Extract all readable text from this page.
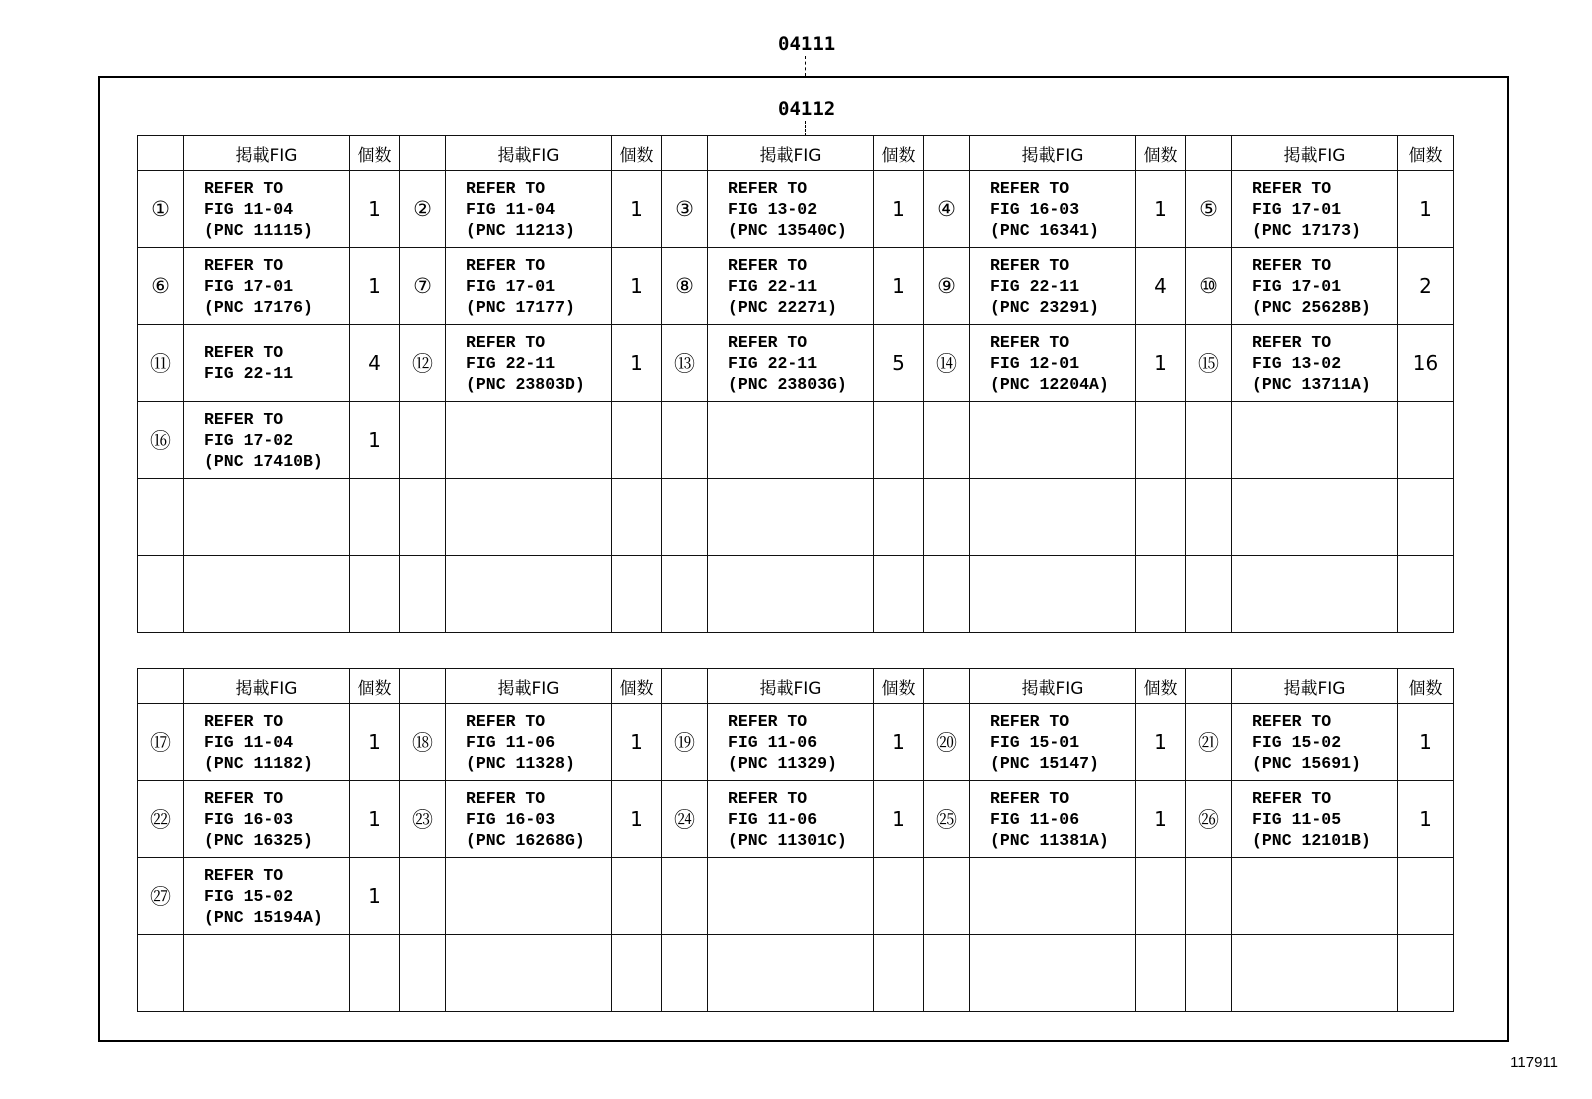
04111
04112
	掲載FIG	個数		掲載FIG	個数		掲載FIG	個数		掲載FIG	個数		掲載FIG	個数
①	REFER TO
FIG 11-04
(PNC 11115)	1	②	REFER TO
FIG 11-04
(PNC 11213)	1	③	REFER TO
FIG 13-02
(PNC 13540C)	1	④	REFER TO
FIG 16-03
(PNC 16341)	1	⑤	REFER TO
FIG 17-01
(PNC 17173)	1
⑥	REFER TO
FIG 17-01
(PNC 17176)	1	⑦	REFER TO
FIG 17-01
(PNC 17177)	1	⑧	REFER TO
FIG 22-11
(PNC 22271)	1	⑨	REFER TO
FIG 22-11
(PNC 23291)	4	⑩	REFER TO
FIG 17-01
(PNC 25628B)	2
⑪	REFER TO
FIG 22-11	4	⑫	REFER TO
FIG 22-11
(PNC 23803D)	1	⑬	REFER TO
FIG 22-11
(PNC 23803G)	5	⑭	REFER TO
FIG 12-01
(PNC 12204A)	1	⑮	REFER TO
FIG 13-02
(PNC 13711A)	16
⑯	REFER TO
FIG 17-02
(PNC 17410B)	1		

	掲載FIG	個数		掲載FIG	個数		掲載FIG	個数		掲載FIG	個数		掲載FIG	個数
⑰	REFER TO
FIG 11-04
(PNC 11182)	1	⑱	REFER TO
FIG 11-06
(PNC 11328)	1	⑲	REFER TO
FIG 11-06
(PNC 11329)	1	⑳	REFER TO
FIG 15-01
(PNC 15147)	1	㉑	REFER TO
FIG 15-02
(PNC 15691)	1
㉒	REFER TO
FIG 16-03
(PNC 16325)	1	㉓	REFER TO
FIG 16-03
(PNC 16268G)	1	㉔	REFER TO
FIG 11-06
(PNC 11301C)	1	㉕	REFER TO
FIG 11-06
(PNC 11381A)	1	㉖	REFER TO
FIG 11-05
(PNC 12101B)	1
㉗	REFER TO
FIG 15-02
(PNC 15194A)	1		

117911
